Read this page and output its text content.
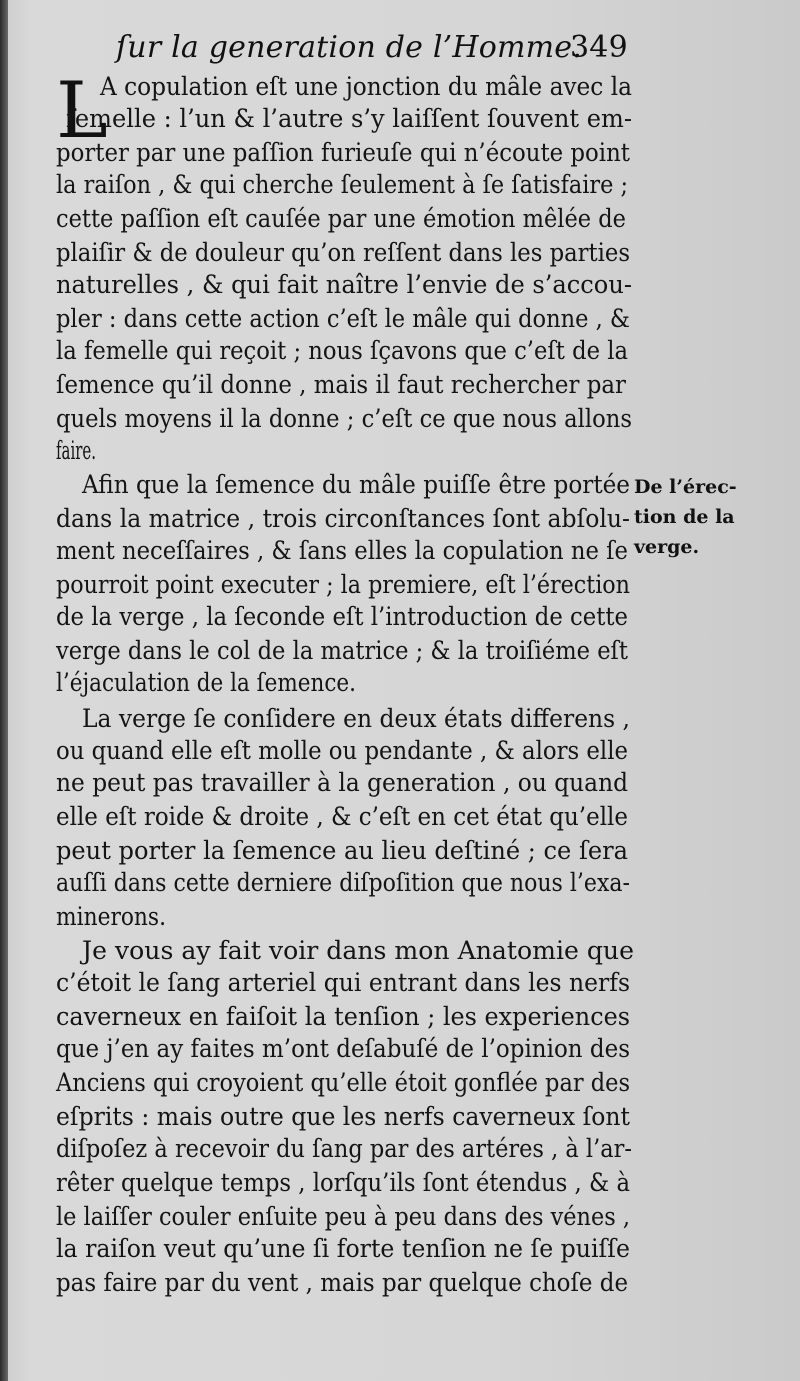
ſur la generation de l’Homme.
349
L
A copulation eſt une jonction du mâle avec la
femelle : l’un & l’autre s’y laiſſent ſouvent em-
porter par une paſſion furieuſe qui n’écoute point
la raiſon , & qui cherche ſeulement à ſe ſatisfaire ;
cette paſſion eſt cauſée par une émotion mêlée de
plaiſir & de douleur qu’on reſſent dans les parties
naturelles , & qui fait naître l’envie de s’accou-
pler : dans cette action c’eſt le mâle qui donne , &
la femelle qui reçoit ; nous ſçavons que c’eſt de la
ſemence qu’il donne , mais il faut rechercher par
quels moyens il la donne ; c’eſt ce que nous allons
faire.
Afin que la ſemence du mâle puiſſe être portée
dans la matrice , trois circonſtances ſont abſolu-
ment neceſſaires , & ſans elles la copulation ne ſe
pourroit point executer ; la premiere, eſt l’érection
de la verge , la ſeconde eſt l’introduction de cette
verge dans le col de la matrice ; & la troiſiéme eſt
l’éjaculation de la ſemence.
La verge ſe conſidere en deux états differens ,
ou quand elle eſt molle ou pendante , & alors elle
ne peut pas travailler à la generation , ou quand
elle eſt roide & droite , & c’eſt en cet état qu’elle
peut porter la ſemence au lieu deſtiné ; ce ſera
auſſi dans cette derniere diſpoſition que nous l’exa-
minerons.
Je vous ay fait voir dans mon Anatomie que
c’étoit le ſang arteriel qui entrant dans les nerfs
caverneux en faiſoit la tenſion ; les experiences
que j’en ay faites m’ont deſabuſé de l’opinion des
Anciens qui croyoient qu’elle étoit gonflée par des
eſprits : mais outre que les nerfs caverneux ſont
diſpoſez à recevoir du ſang par des artéres , à l’ar-
rêter quelque temps , lorſqu’ils ſont étendus , & à
le laiſſer couler enſuite peu à peu dans des vénes ,
la raiſon veut qu’une ſi forte tenſion ne ſe puiſſe
pas faire par du vent , mais par quelque choſe de
De l’érec-
tion de la
verge.
